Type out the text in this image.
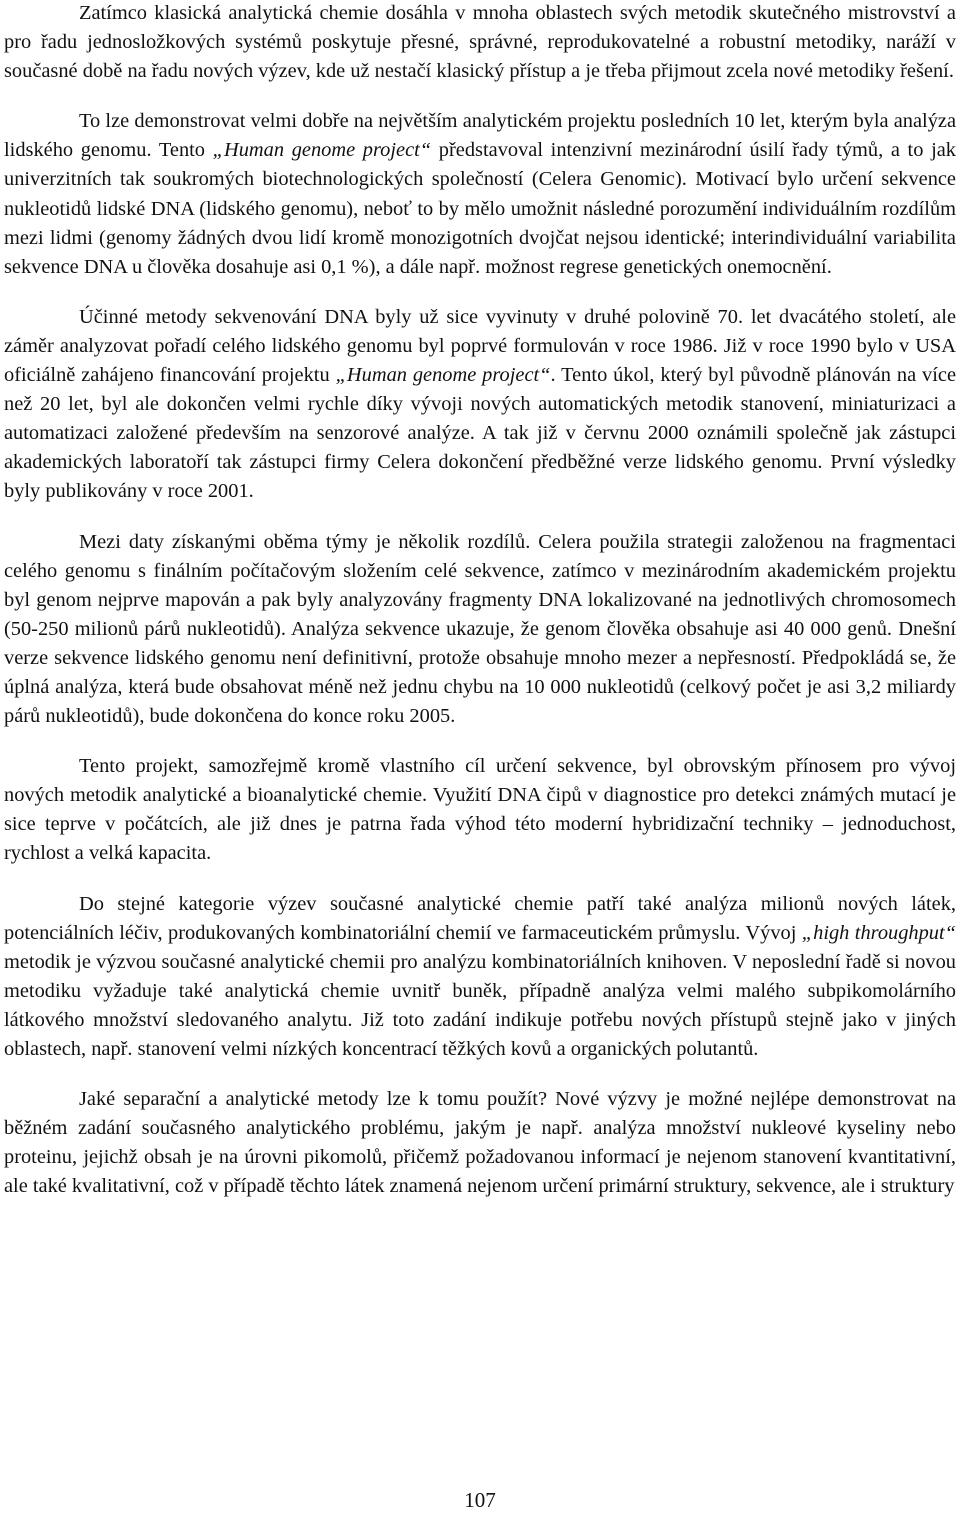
Zatímco klasická analytická chemie dosáhla v mnoha oblastech svých metodik skutečného mistrovství a pro řadu jednosložkových systémů poskytuje přesné, správné, reprodukovatelné a robustní metodiky, naráží v současné době na řadu nových výzev, kde už nestačí klasický přístup a je třeba přijmout zcela nové metodiky řešení.

To lze demonstrovat velmi dobře na největším analytickém projektu posledních 10 let, kterým byla analýza lidského genomu. Tento „Human genome project“ představoval intenzivní mezinárodní úsilí řady týmů, a to jak univerzitních tak soukromých biotechnologických společností (Celera Genomic). Motivací bylo určení sekvence nukleotidů lidské DNA (lidského genomu), neboť to by mělo umožnit následné porozumění individuálním rozdílům mezi lidmi (genomy žádných dvou lidí kromě monozigotních dvojčat nejsou identické; interindividuální variabilita sekvence DNA u člověka dosahuje asi 0,1 %), a dále např. možnost regrese genetických onemocnění.

Účinné metody sekvenování DNA byly už sice vyvinuty v druhé polovině 70. let dvacátého století, ale záměr analyzovat pořadí celého lidského genomu byl poprvé formulován v roce 1986. Již v roce 1990 bylo v USA oficiálně zahájeno financování projektu „Human genome project“. Tento úkol, který byl původně plánován na více než 20 let, byl ale dokončen velmi rychle díky vývoji nových automatických metodik stanovení, miniaturizaci a automatizaci založené především na senzorové analýze. A tak již v červnu 2000 oznámili společně jak zástupci akademických laboratoří tak zástupci firmy Celera dokončení předběžné verze lidského genomu. První výsledky byly publikovány v roce 2001.

Mezi daty získanými oběma týmy je několik rozdílů. Celera použila strategii založenou na fragmentaci celého genomu s finálním počítačovým složením celé sekvence, zatímco v mezinárodním akademickém projektu byl genom nejprve mapován a pak byly analyzovány fragmenty DNA lokalizované na jednotlivých chromosomech (50-250 milionů párů nukleotidů). Analýza sekvence ukazuje, že genom člověka obsahuje asi 40 000 genů. Dnešní verze sekvence lidského genomu není definitivní, protože obsahuje mnoho mezer a nepřesností. Předpokládá se, že úplná analýza, která bude obsahovat méně než jednu chybu na 10 000 nukleotidů (celkový počet je asi 3,2 miliardy párů nukleotidů), bude dokončena do konce roku 2005.

Tento projekt, samozřejmě kromě vlastního cíl určení sekvence, byl obrovským přínosem pro vývoj nových metodik analytické a bioanalytické chemie. Využití DNA čipů v diagnostice pro detekci známých mutací je sice teprve v počátcích, ale již dnes je patrna řada výhod této moderní hybridizační techniky – jednoduchost, rychlost a velká kapacita.

Do stejné kategorie výzev současné analytické chemie patří také analýza milionů nových látek, potenciálních léčiv, produkovaných kombinatoriální chemií ve farmaceutickém průmyslu. Vývoj „high throughput“ metodik je výzvou současné analytické chemii pro analýzu kombinatoriálních knihoven. V neposlední řadě si novou metodiku vyžaduje také analytická chemie uvnitř buněk, případně analýza velmi malého subpikomolárního látkového množství sledovaného analytu. Již toto zadání indikuje potřebu nových přístupů stejně jako v jiných oblastech, např. stanovení velmi nízkých koncentrací těžkých kovů a organických polutantů.

Jaké separační a analytické metody lze k tomu použít? Nové výzvy je možné nejlépe demonstrovat na běžném zadání současného analytického problému, jakým je např. analýza množství nukleové kyseliny nebo proteinu, jejichž obsah je na úrovni pikomolů, přičemž požadovanou informací je nejenom stanovení kvantitativní, ale také kvalitativní, což v případě těchto látek znamená nejenom určení primární struktury, sekvence, ale i struktury

107
